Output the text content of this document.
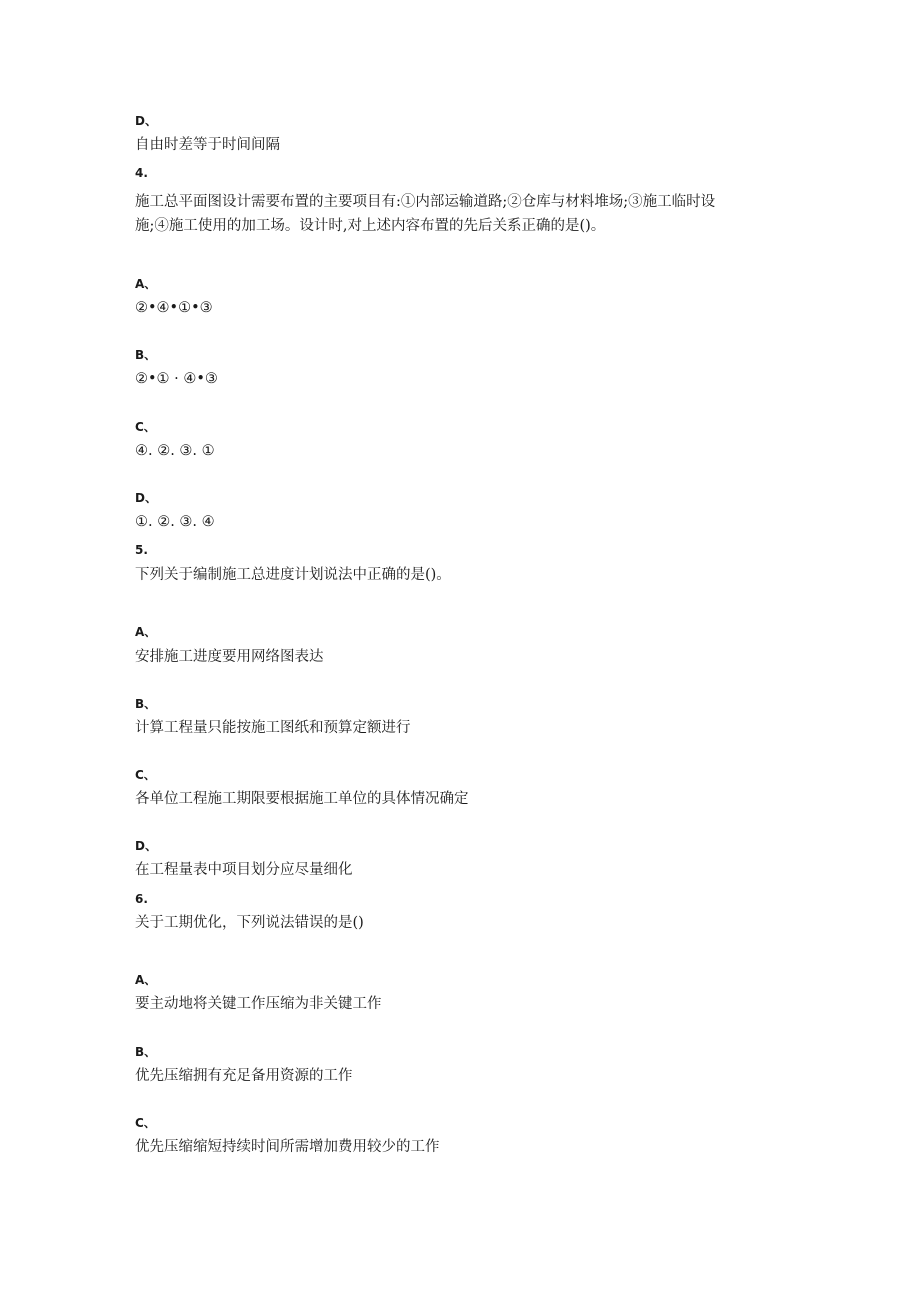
D、
自由时差等于时间间隔
4.
施工总平面图设计需要布置的主要项目有:①内部运输道路;②仓库与材料堆场;③施工临时设
施;④施工使用的加工场。设计时,对上述内容布置的先后关系正确的是()。
A、
②•④•①•③
B、
②•① · ④•③
C、
④. ②. ③. ①
D、
①. ②. ③. ④
5.
下列关于编制施工总进度计划说法中正确的是()。
A、
安排施工进度要用网络图表达
B、
计算工程量只能按施工图纸和预算定额进行
C、
各单位工程施工期限要根据施工单位的具体情况确定
D、
在工程量表中项目划分应尽量细化
6.
关于工期优化，下列说法错误的是()
A、
要主动地将关键工作压缩为非关键工作
B、
优先压缩拥有充足备用资源的工作
C、
优先压缩缩短持续时间所需增加费用较少的工作
